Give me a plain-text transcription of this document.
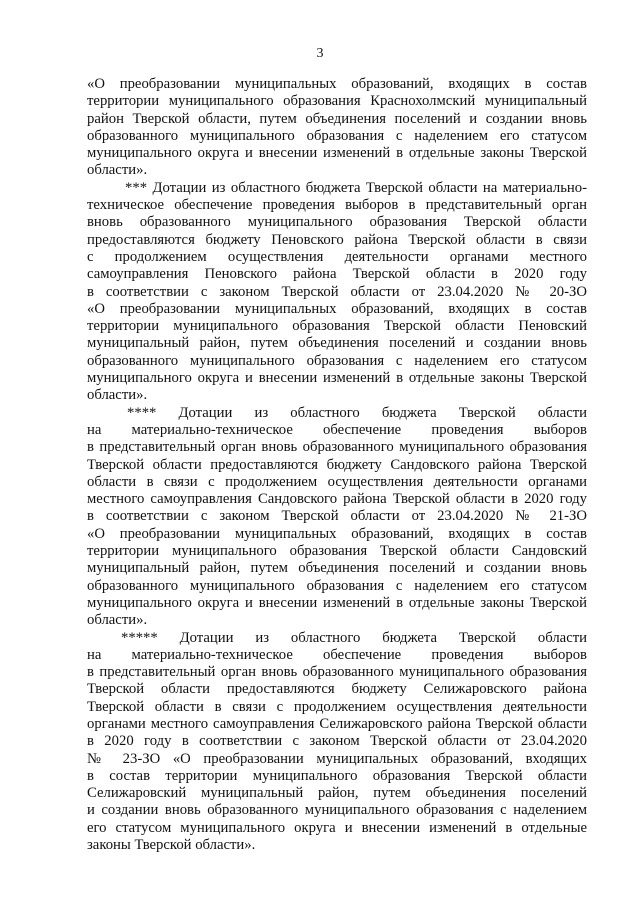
3
«О преобразовании муниципальных образований, входящих в состав
территории муниципального образования Краснохолмский муниципальный
район Тверской области, путем объединения поселений и создании вновь
образованного муниципального образования с наделением его статусом
муниципального округа и внесении изменений в отдельные законы Тверской
области».
*** Дотации из областного бюджета Тверской области на материально-
техническое обеспечение проведения выборов в представительный орган
вновь образованного муниципального образования Тверской области
предоставляются бюджету Пеновского района Тверской области в связи
с продолжением осуществления деятельности органами местного
самоуправления Пеновского района Тверской области в 2020 году
в соответствии с законом Тверской области от 23.04.2020 № 20-ЗО
«О преобразовании муниципальных образований, входящих в состав
территории муниципального образования Тверской области Пеновский
муниципальный район, путем объединения поселений и создании вновь
образованного муниципального образования с наделением его статусом
муниципального округа и внесении изменений в отдельные законы Тверской
области».
**** Дотации из областного бюджета Тверской области
на материально-техническое обеспечение проведения выборов
в представительный орган вновь образованного муниципального образования
Тверской области предоставляются бюджету Сандовского района Тверской
области в связи с продолжением осуществления деятельности органами
местного самоуправления Сандовского района Тверской области в 2020 году
в соответствии с законом Тверской области от 23.04.2020 № 21-ЗО
«О преобразовании муниципальных образований, входящих в состав
территории муниципального образования Тверской области Сандовский
муниципальный район, путем объединения поселений и создании вновь
образованного муниципального образования с наделением его статусом
муниципального округа и внесении изменений в отдельные законы Тверской
области».
***** Дотации из областного бюджета Тверской области
на материально-техническое обеспечение проведения выборов
в представительный орган вновь образованного муниципального образования
Тверской области предоставляются бюджету Селижаровского района
Тверской области в связи с продолжением осуществления деятельности
органами местного самоуправления Селижаровского района Тверской области
в 2020 году в соответствии с законом Тверской области от 23.04.2020
№ 23-ЗО «О преобразовании муниципальных образований, входящих
в состав территории муниципального образования Тверской области
Селижаровский муниципальный район, путем объединения поселений
и создании вновь образованного муниципального образования с наделением
его статусом муниципального округа и внесении изменений в отдельные
законы Тверской области».
